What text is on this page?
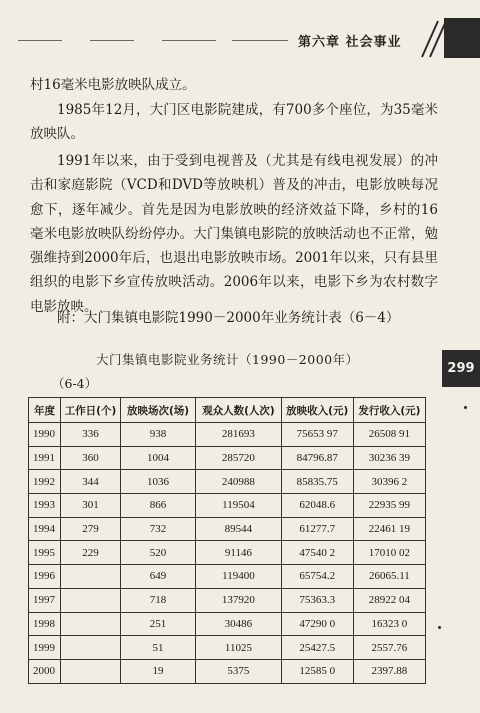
第六章 社会事业

村16毫米电影放映队成立。

1985年12月，大门区电影院建成，有700多个座位，为35毫米放映队。

1991年以来，由于受到电视普及（尤其是有线电视发展）的冲击和家庭影院（VCD和DVD等放映机）普及的冲击，电影放映每况愈下，逐年减少。首先是因为电影放映的经济效益下降，乡村的16毫米电影放映队纷纷停办。大门集镇电影院的放映活动也不正常，勉强维持到2000年后，也退出电影放映市场。2001年以来，只有县里组织的电影下乡宣传放映活动。2006年以来，电影下乡为农村数字电影放映。

附：大门集镇电影院1990－2000年业务统计表（6－4）

299
大门集镇电影院业务统计（1990－2000年）
（6-4）
年度	工作日(个)	放映场次(场)	观众人数(人次)	放映收入(元)	发行收入(元)
1990	336	938	281693	75653 97	26508 91
1991	360	1004	285720	84796.87	30236 39
1992	344	1036	240988	85835.75	30396 2
1993	301	866	119504	62048.6	22935 99
1994	279	732	89544	61277.7	22461 19
1995	229	520	91146	47540 2	17010 02
1996		649	119400	65754.2	26065.11
1997		718	137920	75363.3	28922 04
1998		251	30486	47290 0	16323 0
1999		51	11025	25427.5	2557.76
2000		19	5375	12585 0	2397.88
